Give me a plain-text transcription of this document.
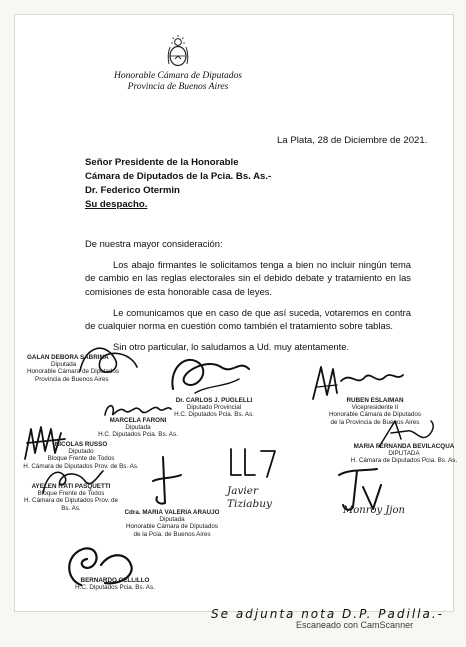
Honorable Cámara de Diputados
Provincia de Buenos Aires
La Plata, 28 de Diciembre de 2021.
Señor Presidente de la Honorable
Cámara de Diputados de la Pcia. Bs. As.-
Dr. Federico Otermin
Su despacho.

De nuestra mayor consideración:

Los abajo firmantes le solicitamos tenga a bien no incluir ningún tema de cambio en las reglas electorales sin el debido debate y tratamiento en las comisiones de esta honorable casa de leyes.

Le comunicamos que en caso de que así suceda, votaremos en contra de cualquier norma en cuestión como también el tratamiento sobre tablas.

Sin otro particular, lo saludamos a Ud. muy atentamente.

GALAN DEBORA SABRINA
Diputada
Honorable Cámara de Diputados
Provincia de Buenos Aires
RUBEN ESLAIMAN
Vicepresidente II
Honorable Cámara de Diputados
de la Provincia de Buenos Aires
MARCELA FARONI
Diputada
H.C. Diputados Pcia. Bs. As.
Dr. CARLOS J. PUGLELLI
Diputado Provincial
H.C. Diputados Pcia. Bs. As.
NICOLAS RUSSO
Diputado
Bloque Frente de Todos
H. Cámara de Diputados Prov. de Bs. As.
MARIA FERNANDA BEVILACQUA
DIPUTADA
H. Cámara de Diputados Pcia. Bs. As.
AYELEN ITATI PASQUETTI
Bloque Frente de Todos
H. Cámara de Diputados Prov. de Bs. As.
Cdra. MARIA VALERIA ARAUJO
Diputada
Honorable Cámara de Diputados
de la Pcia. de Buenos Aires
Javier Tiziabuy
Monroy Jjon
BERNARDO CELLILLO
H.C. Diputados Pcia. Bs. As.
Se adjunta nota D.P. Padilla.-
Escaneado con CamScanner
